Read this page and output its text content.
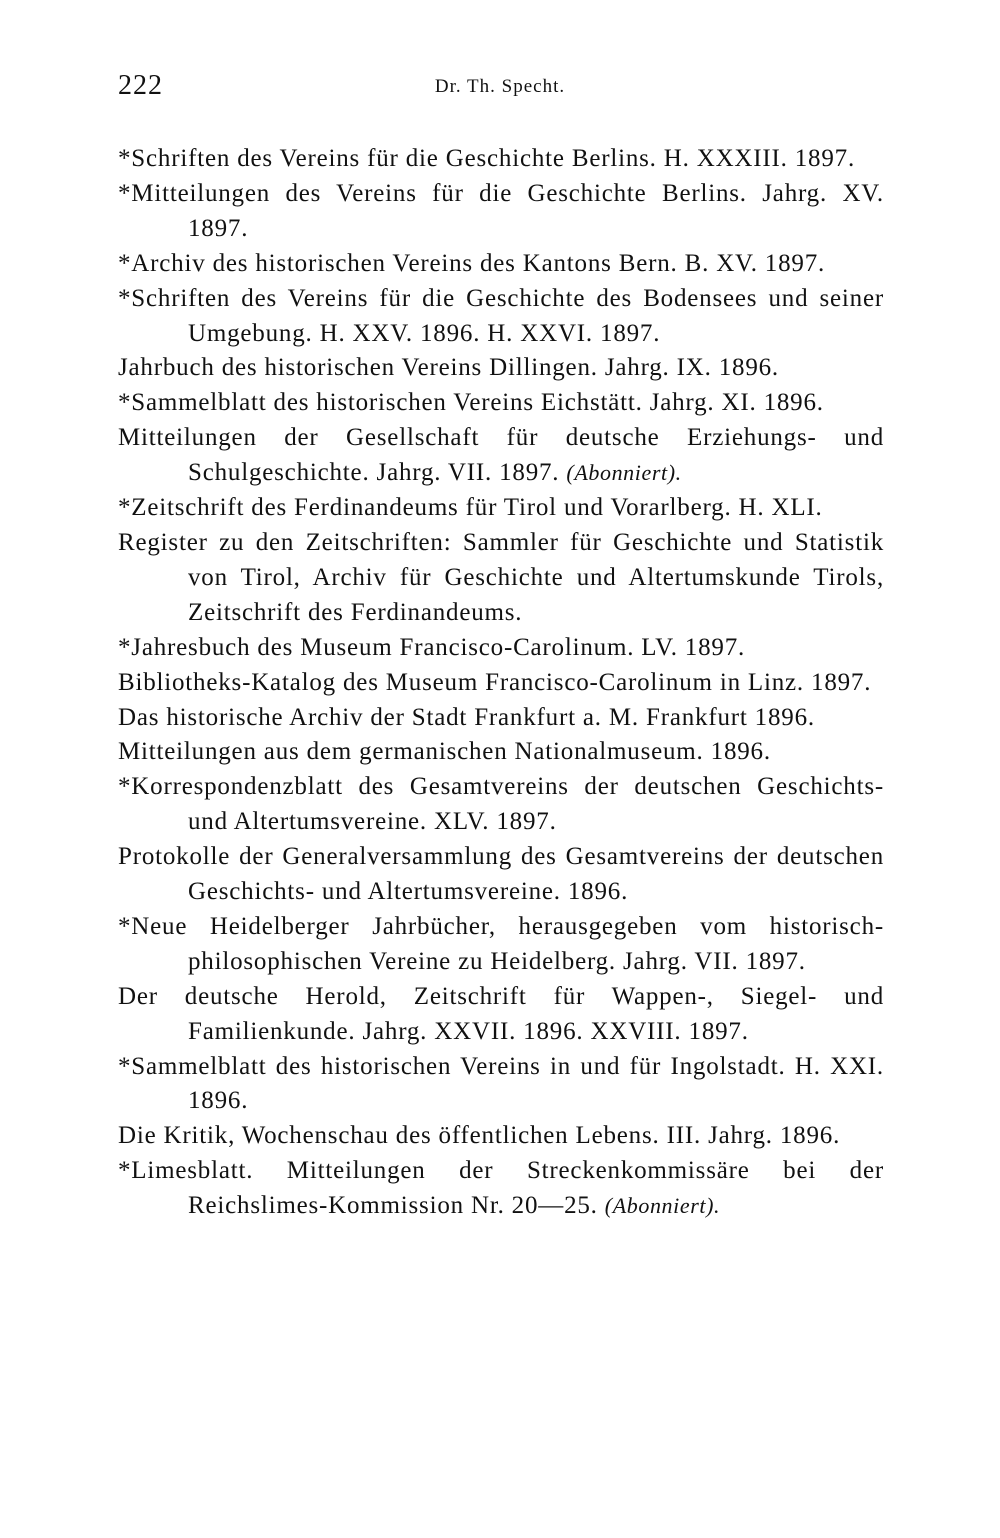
222	Dr. Th. Specht.

*Schriften des Vereins für die Geschichte Berlins. H. XXXIII. 1897.

*Mitteilungen des Vereins für die Geschichte Berlins. Jahrg. XV. 1897.

*Archiv des historischen Vereins des Kantons Bern. B. XV. 1897.

*Schriften des Vereins für die Geschichte des Bodensees und seiner Umgebung. H. XXV. 1896. H. XXVI. 1897.

Jahrbuch des historischen Vereins Dillingen. Jahrg. IX. 1896.

*Sammelblatt des historischen Vereins Eichstätt. Jahrg. XI. 1896.

Mitteilungen der Gesellschaft für deutsche Erziehungs- und Schulgeschichte. Jahrg. VII. 1897. (Abonniert).

*Zeitschrift des Ferdinandeums für Tirol und Vorarlberg. H. XLI.

Register zu den Zeitschriften: Sammler für Geschichte und Statistik von Tirol, Archiv für Geschichte und Altertumskunde Tirols, Zeitschrift des Ferdinandeums.

*Jahresbuch des Museum Francisco-Carolinum. LV. 1897.

Bibliotheks-Katalog des Museum Francisco-Carolinum in Linz. 1897.

Das historische Archiv der Stadt Frankfurt a. M. Frankfurt 1896.

Mitteilungen aus dem germanischen Nationalmuseum. 1896.

*Korrespondenzblatt des Gesamtvereins der deutschen Geschichts- und Altertumsvereine. XLV. 1897.

Protokolle der Generalversammlung des Gesamtvereins der deutschen Geschichts- und Altertumsvereine. 1896.

*Neue Heidelberger Jahrbücher, herausgegeben vom historisch-philosophischen Vereine zu Heidelberg. Jahrg. VII. 1897.

Der deutsche Herold, Zeitschrift für Wappen-, Siegel- und Familienkunde. Jahrg. XXVII. 1896. XXVIII. 1897.

*Sammelblatt des historischen Vereins in und für Ingolstadt. H. XXI. 1896.

Die Kritik, Wochenschau des öffentlichen Lebens. III. Jahrg. 1896.

*Limesblatt. Mitteilungen der Streckenkommissäre bei der Reichslimes-Kommission Nr. 20—25. (Abonniert).
